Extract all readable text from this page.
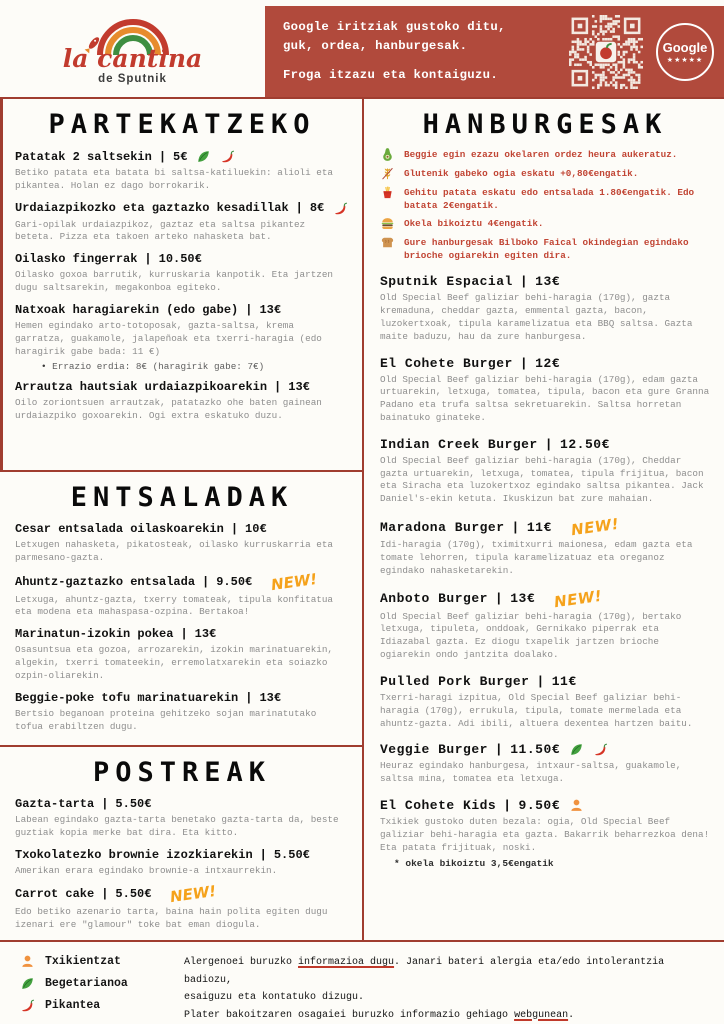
la cantina
de Sputnik
Google iritziak gustoko ditu,
guk, ordea, hanburgesak.
Froga itzazu eta kontaiguzu.
Google
★★★★★
PARTEKATZEKO
Patatak 2 saltsekin | 5€

Betiko patata eta batata bi saltsa-katiluekin: alioli eta pikantea. Holan ez dago borrokarik.

Urdaiazpikozko eta gaztazko kesadillak | 8€

Gari-opilak urdaiazpikoz, gaztaz eta saltsa pikantez beteta. Pizza eta takoen arteko nahasketa bat.

Oilasko fingerrak | 10.50€

Oilasko goxoa barrutik, kurruskaria kanpotik. Eta jartzen dugu saltsarekin, megakonboa egiteko.

Natxoak haragiarekin (edo gabe) | 13€

Hemen egindako arto-totoposak, gazta-saltsa, krema garratza, guakamole, jalapeñoak eta txerri-haragia (edo haragirik gabe bada: 11 €)

• Errazio erdia: 8€ (haragirik gabe: 7€)

Arrautza hautsiak urdaiazpikoarekin | 13€

Oilo zoriontsuen arrautzak, patatazko ohe baten gainean urdaiazpiko goxoarekin. Ogi extra eskatuko duzu.

ENTSALADAK
Cesar entsalada oilaskoarekin | 10€

Letxugen nahasketa, pikatosteak, oilasko kurruskarria eta parmesano-gazta.

Ahuntz-gaztazko entsalada | 9.50€ NEW!

Letxuga, ahuntz-gazta, txerry tomateak, tipula konfitatua eta modena eta mahaspasa-ozpina. Bertakoa!

Marinatun-izokin pokea | 13€

Osasuntsua eta gozoa, arrozarekin, izokin marinatuarekin, algekin, txerri tomateekin, erremolatxarekin eta soiazko ozpin-oliarekin.

Beggie-poke tofu marinatuarekin | 13€

Bertsio beganoan proteina gehitzeko sojan marinatutako tofua erabiltzen dugu.

POSTREAK
Gazta-tarta | 5.50€

Labean egindako gazta-tarta benetako gazta-tarta da, beste guztiak kopia merke bat dira. Eta kitto.

Txokolatezko brownie izozkiarekin | 5.50€

Amerikan erara egindako brownie-a intxaurrekin.

Carrot cake | 5.50€ NEW!

Edo betiko azenario tarta, baina hain polita egiten dugu izenari ere "glamour" toke bat eman diogula.

HANBURGESAK

Beggie egin ezazu okelaren ordez heura aukeratuz.

Glutenik gabeko ogia eskatu +0,80€engatik.

Gehitu patata eskatu edo entsalada 1.80€engatik. Edo batata 2€engatik.

Okela bikoiztu 4€engatik.

Gure hanburgesak Bilboko Faical okindegian egindako brioche ogiarekin egiten dira.

Sputnik Espacial | 13€

Old Special Beef galiziar behi-haragia (170g), gazta kremaduna, cheddar gazta, emmental gazta, bacon, luzokertxoak, tipula karamelizatua eta BBQ saltsa. Gazta maite baduzu, hau da zure hanburgesa.

El Cohete Burger | 12€

Old Special Beef galiziar behi-haragia (170g), edam gazta urtuarekin, letxuga, tomatea, tipula, bacon eta gure Granna Padano eta trufa saltsa sekretuarekin. Saltsa horretan bainatuko ginateke.

Indian Creek Burger | 12.50€

Old Special Beef galiziar behi-haragia (170g), Cheddar gazta urtuarekin, letxuga, tomatea, tipula frijitua, bacon eta Siracha eta luzokertxoz egindako saltsa pikantea. Jack Daniel's-ekin ketuta. Ikuskizun bat zure mahaian.

Maradona Burger | 11€ NEW!

Idi-haragia (170g), tximitxurri maionesa, edam gazta eta tomate lehorren, tipula karamelizatuaz eta oreganoz egindako nahasketarekin.

Anboto Burger | 13€ NEW!

Old Special Beef galiziar behi-haragia (170g), bertako letxuga, tipuleta, onddoak, Gernikako piperrak eta Idiazabal gazta. Ez diogu txapelik jartzen brioche ogiarekin ondo jantzita doalako.

Pulled Pork Burger | 11€

Txerri-haragi izpitua, Old Special Beef galiziar behi-haragia (170g), errukula, tipula, tomate mermelada eta ahuntz-gazta. Adi ibili, altuera dexentea hartzen baitu.

Veggie Burger | 11.50€

Heuraz egindako hanburgesa, intxaur-saltsa, guakamole, saltsa mina, tomatea eta letxuga.

El Cohete Kids | 9.50€

Txikiek gustoko duten bezala: ogia, Old Special Beef galiziar behi-haragia eta gazta. Bakarrik beharrezkoa dena! Eta patata frijituak, noski.

* okela bikoiztu 3,5€engatik

Txikientzat
Begetarianoa
Pikantea
Alergenoei buruzko informazioa dugu. Janari bateri alergia eta/edo intolerantzia badiozu,
esaiguzu eta kontatuko dizugu.
Plater bakoitzaren osagaiei buruzko informazio gehiago webgunean.
